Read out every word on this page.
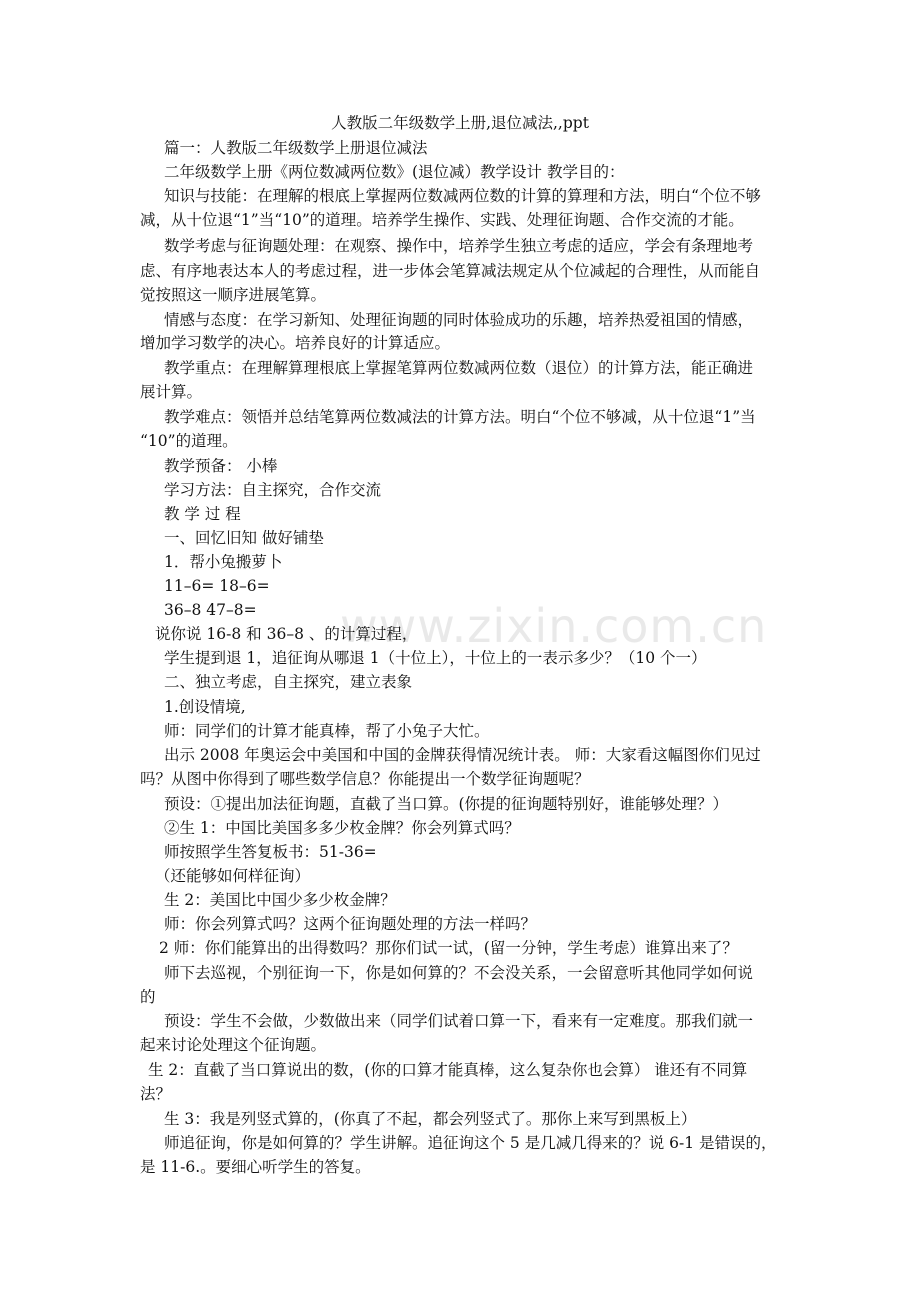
www.zixin.com.cn
人教版二年级数学上册,退位减法,,ppt
篇一：人教版二年级数学上册退位减法
二年级数学上册《两位数减两位数》(退位减）教学设计 教学目的：
知识与技能：在理解的根底上掌握两位数减两位数的计算的算理和方法，明白“个位不够
减，从十位退“1”当“10”的道理。培养学生操作、实践、处理征询题、合作交流的才能。
数学考虑与征询题处理：在观察、操作中，培养学生独立考虑的适应，学会有条理地考
虑、有序地表达本人的考虑过程，进一步体会笔算减法规定从个位减起的合理性，从而能自
觉按照这一顺序进展笔算。
情感与态度：在学习新知、处理征询题的同时体验成功的乐趣，培养热爱祖国的情感，
增加学习数学的决心。培养良好的计算适应。
教学重点：在理解算理根底上掌握笔算两位数减两位数（退位）的计算方法，能正确进
展计算。
教学难点：领悟并总结笔算两位数减法的计算方法。明白“个位不够减，从十位退“1”当
“10”的道理。
教学预备： 小棒
学习方法：自主探究，合作交流
教 学 过 程
一、回忆旧知 做好铺垫
1．帮小兔搬萝卜
11–6= 18–6=
36–8 47–8=
说你说 16-8 和 36–8 、的计算过程，
学生提到退 1，追征询从哪退 1（十位上），十位上的一表示多少？（10 个一）
二、独立考虑，自主探究，建立表象
1.创设情境,
师：同学们的计算才能真棒，帮了小兔子大忙。
出示 2008 年奥运会中美国和中国的金牌获得情况统计表。 师：大家看这幅图你们见过
吗？从图中你得到了哪些数学信息？你能提出一个数学征询题呢？
预设：①提出加法征询题，直截了当口算。(你提的征询题特别好，谁能够处理？）
②生 1：中国比美国多多少枚金牌？你会列算式吗？
师按照学生答复板书：51-36=
（还能够如何样征询）
生 2：美国比中国少多少枚金牌？
师：你会列算式吗？这两个征询题处理的方法一样吗？
2 师：你们能算出的出得数吗？那你们试一试，(留一分钟，学生考虑）谁算出来了？
师下去巡视，个别征询一下，你是如何算的？不会没关系，一会留意听其他同学如何说
的
预设：学生不会做，少数做出来（同学们试着口算一下，看来有一定难度。那我们就一
起来讨论处理这个征询题。
生 2：直截了当口算说出的数，(你的口算才能真棒，这么复杂你也会算） 谁还有不同算
法？
生 3：我是列竖式算的，(你真了不起，都会列竖式了。那你上来写到黑板上）
师追征询，你是如何算的？学生讲解。追征询这个 5 是几减几得来的？说 6-1 是错误的，
是 11-6.。要细心听学生的答复。
